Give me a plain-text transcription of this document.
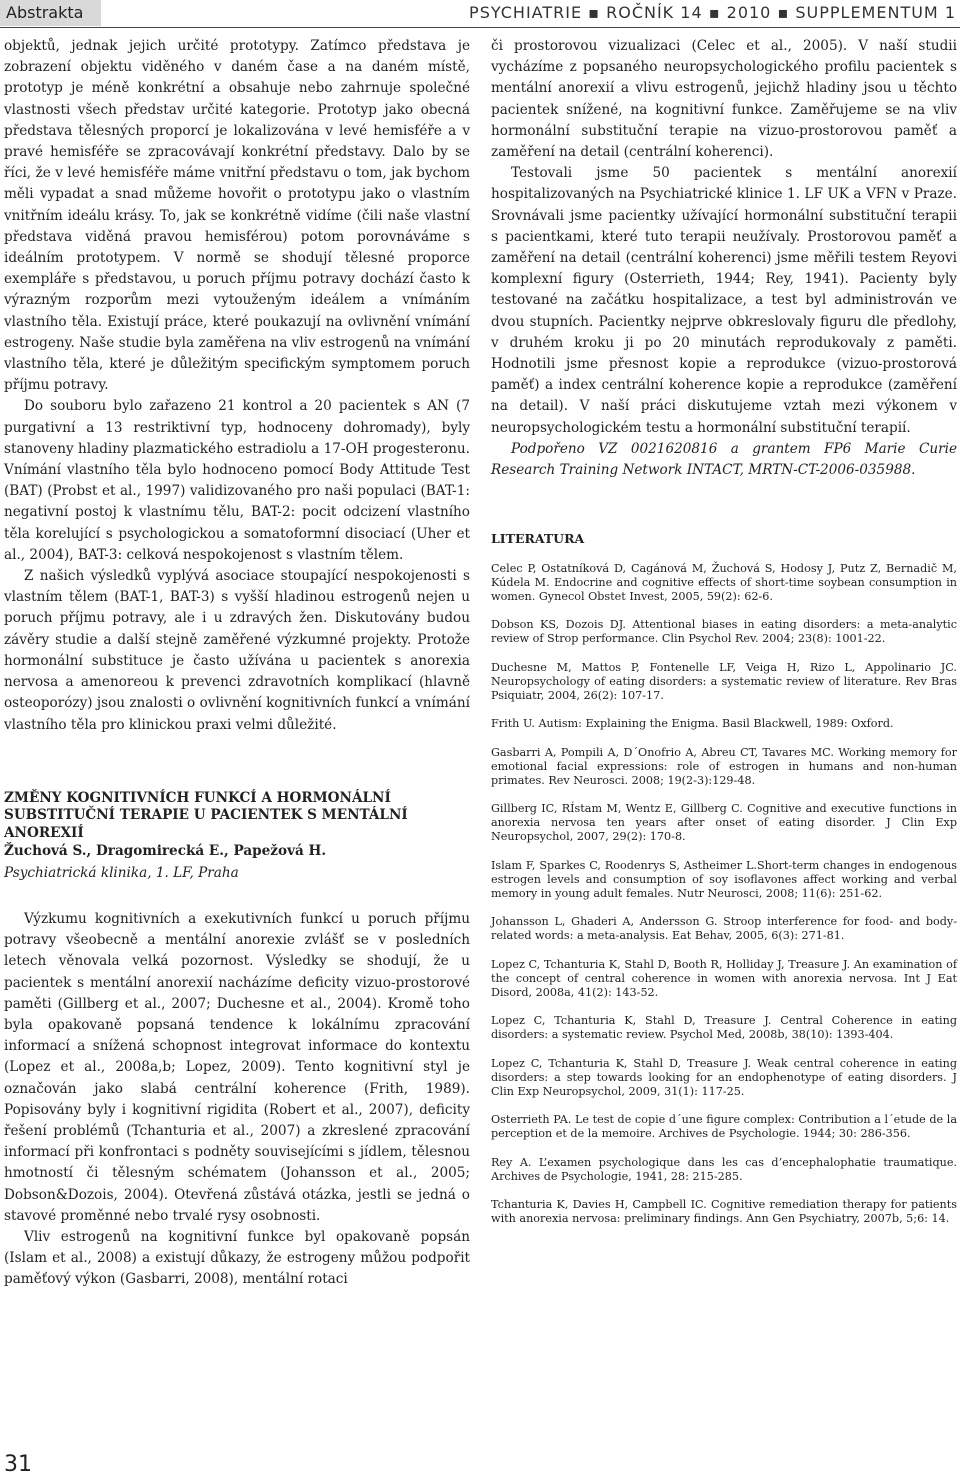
Abstrakta	PSYCHIATRIE ▪ ROČNÍK 14 ▪ 2010 ▪ SUPPLEMENTUM 1

objektů, jednak jejich určité prototypy. Zatímco představa je zobrazení objektu viděného v daném čase a na daném místě, prototyp je méně konkrétní a obsahuje nebo zahrnuje společné vlastnosti všech představ určité kategorie. Prototyp jako obecná představa tělesných proporcí je lokalizována v levé hemisféře a v pravé hemisféře se zpracovávají konkrétní představy. Dalo by se říci, že v levé hemisféře máme vnitřní představu o tom, jak bychom měli vypadat a snad můžeme hovořit o prototypu jako o vlastním vnitřním ideálu krásy. To, jak se konkrétně vidíme (čili naše vlastní představa viděná pravou hemisférou) potom porovnáváme s ideálním prototypem. V normě se shodují tělesné proporce exempláře s představou, u poruch příjmu potravy dochází často k výrazným rozporům mezi vytouženým ideálem a vnímáním vlastního těla. Existují práce, které poukazují na ovlivnění vnímání estrogeny. Naše studie byla zaměřena na vliv estrogenů na vnímání vlastního těla, které je důležitým specifickým symptomem poruch příjmu potravy.

Do souboru bylo zařazeno 21 kontrol a 20 pacientek s AN (7 purgativní a 13 restriktivní typ, hodnoceny dohromady), byly stanoveny hladiny plazmatického estradiolu a 17-OH progesteronu. Vnímání vlastního těla bylo hodnoceno pomocí Body Attitude Test (BAT) (Probst et al., 1997) validizovaného pro naši populaci (BAT-1: negativní postoj k vlastnímu tělu, BAT-2: pocit odcizení vlastního těla korelující s psychologickou a somatoformní disociací (Uher et al., 2004), BAT-3: celková nespokojenost s vlastním tělem.

Z našich výsledků vyplývá asociace stoupající nespokojenosti s vlastním tělem (BAT-1, BAT-3) s vyšší hladinou estrogenů nejen u poruch příjmu potravy, ale i u zdravých žen. Diskutovány budou závěry studie a další stejně zaměřené výzkumné projekty. Protože hormonální substituce je často užívána u pacientek s anorexia nervosa a amenoreou k prevenci zdravotních komplikací (hlavně osteoporózy) jsou znalosti o ovlivnění kognitivních funkcí a vnímání vlastního těla pro klinickou praxi velmi důležité.

ZMĚNY KOGNITIVNÍCH FUNKCÍ A HORMONÁLNÍ SUBSTITUČNÍ TERAPIE U PACIENTEK S MENTÁLNÍ ANOREXIÍ

Žuchová S., Dragomirecká E., Papežová H.

Psychiatrická klinika, 1. LF, Praha

Výzkumu kognitivních a exekutivních funkcí u poruch příjmu potravy všeobecně a mentální anorexie zvlášť se v posledních letech věnovala velká pozornost. Výsledky se shodují, že u pacientek s mentální anorexií nacházíme deficity vizuo-prostorové paměti (Gillberg et al., 2007; Duchesne et al., 2004). Kromě toho byla opakovaně popsaná tendence k lokálnímu zpracování informací a snížená schopnost integrovat informace do kontextu (Lopez et al., 2008a,b; Lopez, 2009). Tento kognitivní styl je označován jako slabá centrální koherence (Frith, 1989). Popisovány byly i kognitivní rigidita (Robert et al., 2007), deficity řešení problémů (Tchanturia et al., 2007) a zkreslené zpracování informací při konfrontaci s podněty souvisejícími s jídlem, tělesnou hmotností či tělesným schématem (Johansson et al., 2005; Dobson&Dozois, 2004). Otevřená zůstává otázka, jestli se jedná o stavové proměnné nebo trvalé rysy osobnosti.

Vliv estrogenů na kognitivní funkce byl opakovaně popsán (Islam et al., 2008) a existují důkazy, že estrogeny můžou podpořit paměťový výkon (Gasbarri, 2008), mentální rotaci

či prostorovou vizualizaci (Celec et al., 2005). V naší studii vycházíme z popsaného neuropsychologického profilu pacientek s mentální anorexií a vlivu estrogenů, jejichž hladiny jsou u těchto pacientek snížené, na kognitivní funkce. Zaměřujeme se na vliv hormonální substituční terapie na vizuo-prostorovou paměť a zaměření na detail (centrální koherenci).

Testovali jsme 50 pacientek s mentální anorexií hospitalizovaných na Psychiatrické klinice 1. LF UK a VFN v Praze. Srovnávali jsme pacientky užívající hormonální substituční terapii s pacientkami, které tuto terapii neužívaly. Prostorovou paměť a zaměření na detail (centrální koherenci) jsme měřili testem Reyovi komplexní figury (Osterrieth, 1944; Rey, 1941). Pacienty byly testované na začátku hospitalizace, a test byl administrován ve dvou stupních. Pacientky nejprve obkreslovaly figuru dle předlohy, v druhém kroku ji po 20 minutách reprodukovaly z paměti. Hodnotili jsme přesnost kopie a reprodukce (vizuo-prostorová paměť) a index centrální koherence kopie a reprodukce (zaměření na detail). V naší práci diskutujeme vztah mezi výkonem v neuropsychologickém testu a hormonální substituční terapií.

Podpořeno VZ 0021620816 a grantem FP6 Marie Curie Research Training Network INTACT, MRTN-CT-2006-035988.

LITERATURA

Celec P, Ostatníková D, Cagánová M, Žuchová S, Hodosy J, Putz Z, Bernadič M, Kúdela M. Endocrine and cognitive effects of short-time soybean consumption in women. Gynecol Obstet Invest, 2005, 59(2): 62-6.

Dobson KS, Dozois DJ. Attentional biases in eating disorders: a meta-analytic review of Strop performance. Clin Psychol Rev. 2004; 23(8): 1001-22.

Duchesne M, Mattos P, Fontenelle LF, Veiga H, Rizo L, Appolinario JC. Neuropsychology of eating disorders: a systematic review of literature. Rev Bras Psiquiatr, 2004, 26(2): 107-17.

Frith U. Autism: Explaining the Enigma. Basil Blackwell, 1989: Oxford.

Gasbarri A, Pompili A, D´Onofrio A, Abreu CT, Tavares MC. Working memory for emotional facial expressions: role of estrogen in humans and non-human primates. Rev Neurosci. 2008; 19(2-3):129-48.

Gillberg IC, RÍstam M, Wentz E, Gillberg C. Cognitive and executive functions in anorexia nervosa ten years after onset of eating disorder. J Clin Exp Neuropsychol, 2007, 29(2): 170-8.

Islam F, Sparkes C, Roodenrys S, Astheimer L.Short-term changes in endogenous estrogen levels and consumption of soy isoflavones affect working and verbal memory in young adult females. Nutr Neurosci, 2008; 11(6): 251-62.

Johansson L, Ghaderi A, Andersson G. Stroop interference for food- and body-related words: a meta-analysis. Eat Behav, 2005, 6(3): 271-81.

Lopez C, Tchanturia K, Stahl D, Booth R, Holliday J, Treasure J. An examination of the concept of central coherence in women with anorexia nervosa. Int J Eat Disord, 2008a, 41(2): 143-52.

Lopez C, Tchanturia K, Stahl D, Treasure J. Central Coherence in eating disorders: a systematic review. Psychol Med, 2008b, 38(10): 1393-404.

Lopez C, Tchanturia K, Stahl D, Treasure J. Weak central coherence in eating disorders: a step towards looking for an endophenotype of eating disorders. J Clin Exp Neuropsychol, 2009, 31(1): 117-25.

Osterrieth PA. Le test de copie d´une figure complex: Contribution a l´etude de la perception et de la memoire. Archives de Psychologie. 1944; 30: 286-356.

Rey A. L’examen psychologique dans les cas d’encephalophatie traumatique. Archives de Psychologie, 1941, 28: 215-285.

Tchanturia K, Davies H, Campbell IC. Cognitive remediation therapy for patients with anorexia nervosa: preliminary findings. Ann Gen Psychiatry, 2007b, 5;6: 14.

31
